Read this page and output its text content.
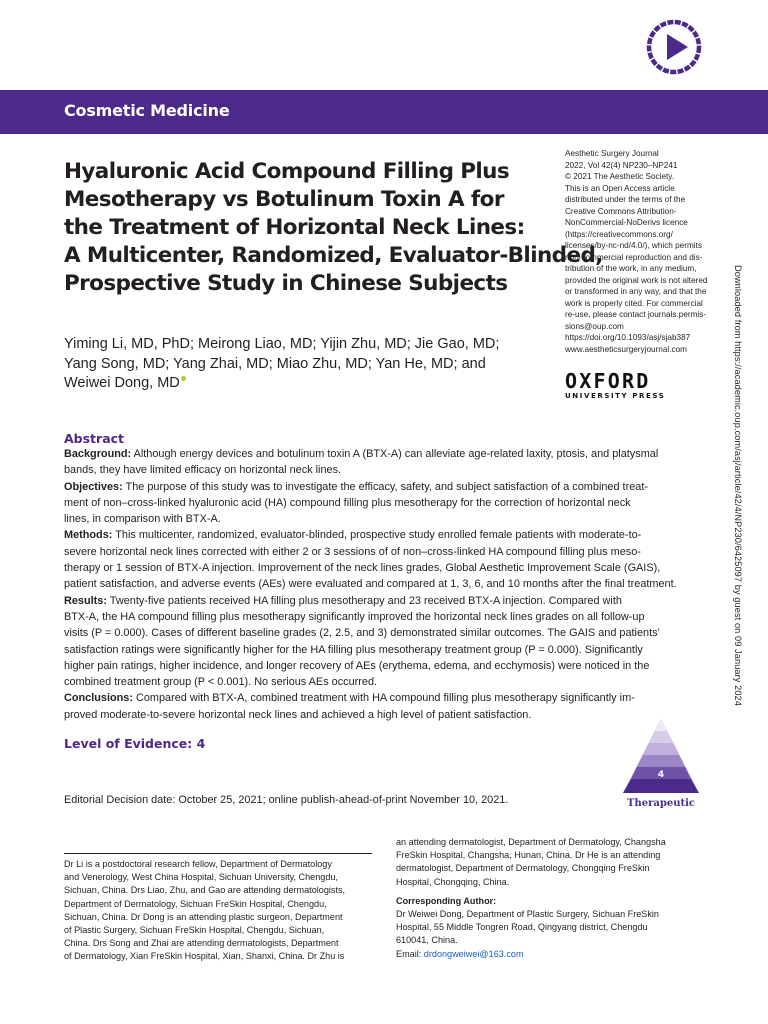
Cosmetic Medicine
Hyaluronic Acid Compound Filling Plus
Mesotherapy vs Botulinum Toxin A for
the Treatment of Horizontal Neck Lines:
A Multicenter, Randomized, Evaluator-Blinded,
Prospective Study in Chinese Subjects
Yiming Li, MD, PhD; Meirong Liao, MD; Yijin Zhu, MD; Jie Gao, MD;
Yang Song, MD; Yang Zhai, MD; Miao Zhu, MD; Yan He, MD; and
Weiwei Dong, MD
Aesthetic Surgery Journal
2022, Vol 42(4) NP230–NP241
© 2021 The Aesthetic Society.
This is an Open Access article
distributed under the terms of the
Creative Commons Attribution-
NonCommercial-NoDerivs licence
(https://creativecommons.org/
licenses/by-nc-nd/4.0/), which permits
non-commercial reproduction and dis-
tribution of the work, in any medium,
provided the original work is not altered
or transformed in any way, and that the
work is properly cited. For commercial
re-use, please contact journals.permis-
sions@oup.com
https://doi.org/10.1093/asj/sjab387
www.aestheticsurgeryjournal.com
OXFORD
UNIVERSITY PRESS	Downloaded from https://academic.oup.com/asj/article/42/4/NP230/6425097 by guest on 09 January 2024
Abstract
Background: Although energy devices and botulinum toxin A (BTX-A) can alleviate age-related laxity, ptosis, and platysmal
bands, they have limited efficacy on horizontal neck lines.
Objectives: The purpose of this study was to investigate the efficacy, safety, and subject satisfaction of a combined treat-
ment of non–cross-linked hyaluronic acid (HA) compound filling plus mesotherapy for the correction of horizontal neck
lines, in comparison with BTX-A.
Methods: This multicenter, randomized, evaluator-blinded, prospective study enrolled female patients with moderate-to-
severe horizontal neck lines corrected with either 2 or 3 sessions of of non–cross-linked HA compound filling plus meso-
therapy or 1 session of BTX-A injection. Improvement of the neck lines grades, Global Aesthetic Improvement Scale (GAIS),
patient satisfaction, and adverse events (AEs) were evaluated and compared at 1, 3, 6, and 10 months after the final treatment.
Results: Twenty-five patients received HA filling plus mesotherapy and 23 received BTX-A injection. Compared with
BTX-A, the HA compound filling plus mesotherapy significantly improved the horizontal neck lines grades on all follow-up
visits (P = 0.000). Cases of different baseline grades (2, 2.5, and 3) demonstrated similar outcomes. The GAIS and patients’
satisfaction ratings were significantly higher for the HA filling plus mesotherapy treatment group (P = 0.000). Significantly
higher pain ratings, higher incidence, and longer recovery of AEs (erythema, edema, and ecchymosis) were noticed in the
combined treatment group (P < 0.001). No serious AEs occurred.
Conclusions: Compared with BTX-A, combined treatment with HA compound filling plus mesotherapy significantly im-
proved moderate-to-severe horizontal neck lines and achieved a high level of patient satisfaction.
Level of Evidence: 4
4
Therapeutic
Editorial Decision date: October 25, 2021; online publish-ahead-of-print November 10, 2021.
Dr Li is a postdoctoral research fellow, Department of Dermatology
and Venerology, West China Hospital, Sichuan University, Chengdu,
Sichuan, China. Drs Liao, Zhu, and Gao are attending dermatologists,
Department of Dermatology, Sichuan FreSkin Hospital, Chengdu,
Sichuan, China. Dr Dong is an attending plastic surgeon, Department
of Plastic Surgery, Sichuan FreSkin Hospital, Chengdu, Sichuan,
China. Drs Song and Zhai are attending dermatologists, Department
of Dermatology, Xian FreSkin Hospital, Xian, Shanxi, China. Dr Zhu is
an attending dermatologist, Department of Dermatology, Changsha
FreSkin Hospital, Changsha, Hunan, China. Dr He is an attending
dermatologist, Department of Dermatology, Chongqing FreSkin
Hospital, Chongqing, China.
Corresponding Author:
Dr Weiwei Dong, Department of Plastic Surgery, Sichuan FreSkin
Hospital, 55 Middle Tongren Road, Qingyang district, Chengdu
610041, China.
Email: drdongweiwei@163.com
